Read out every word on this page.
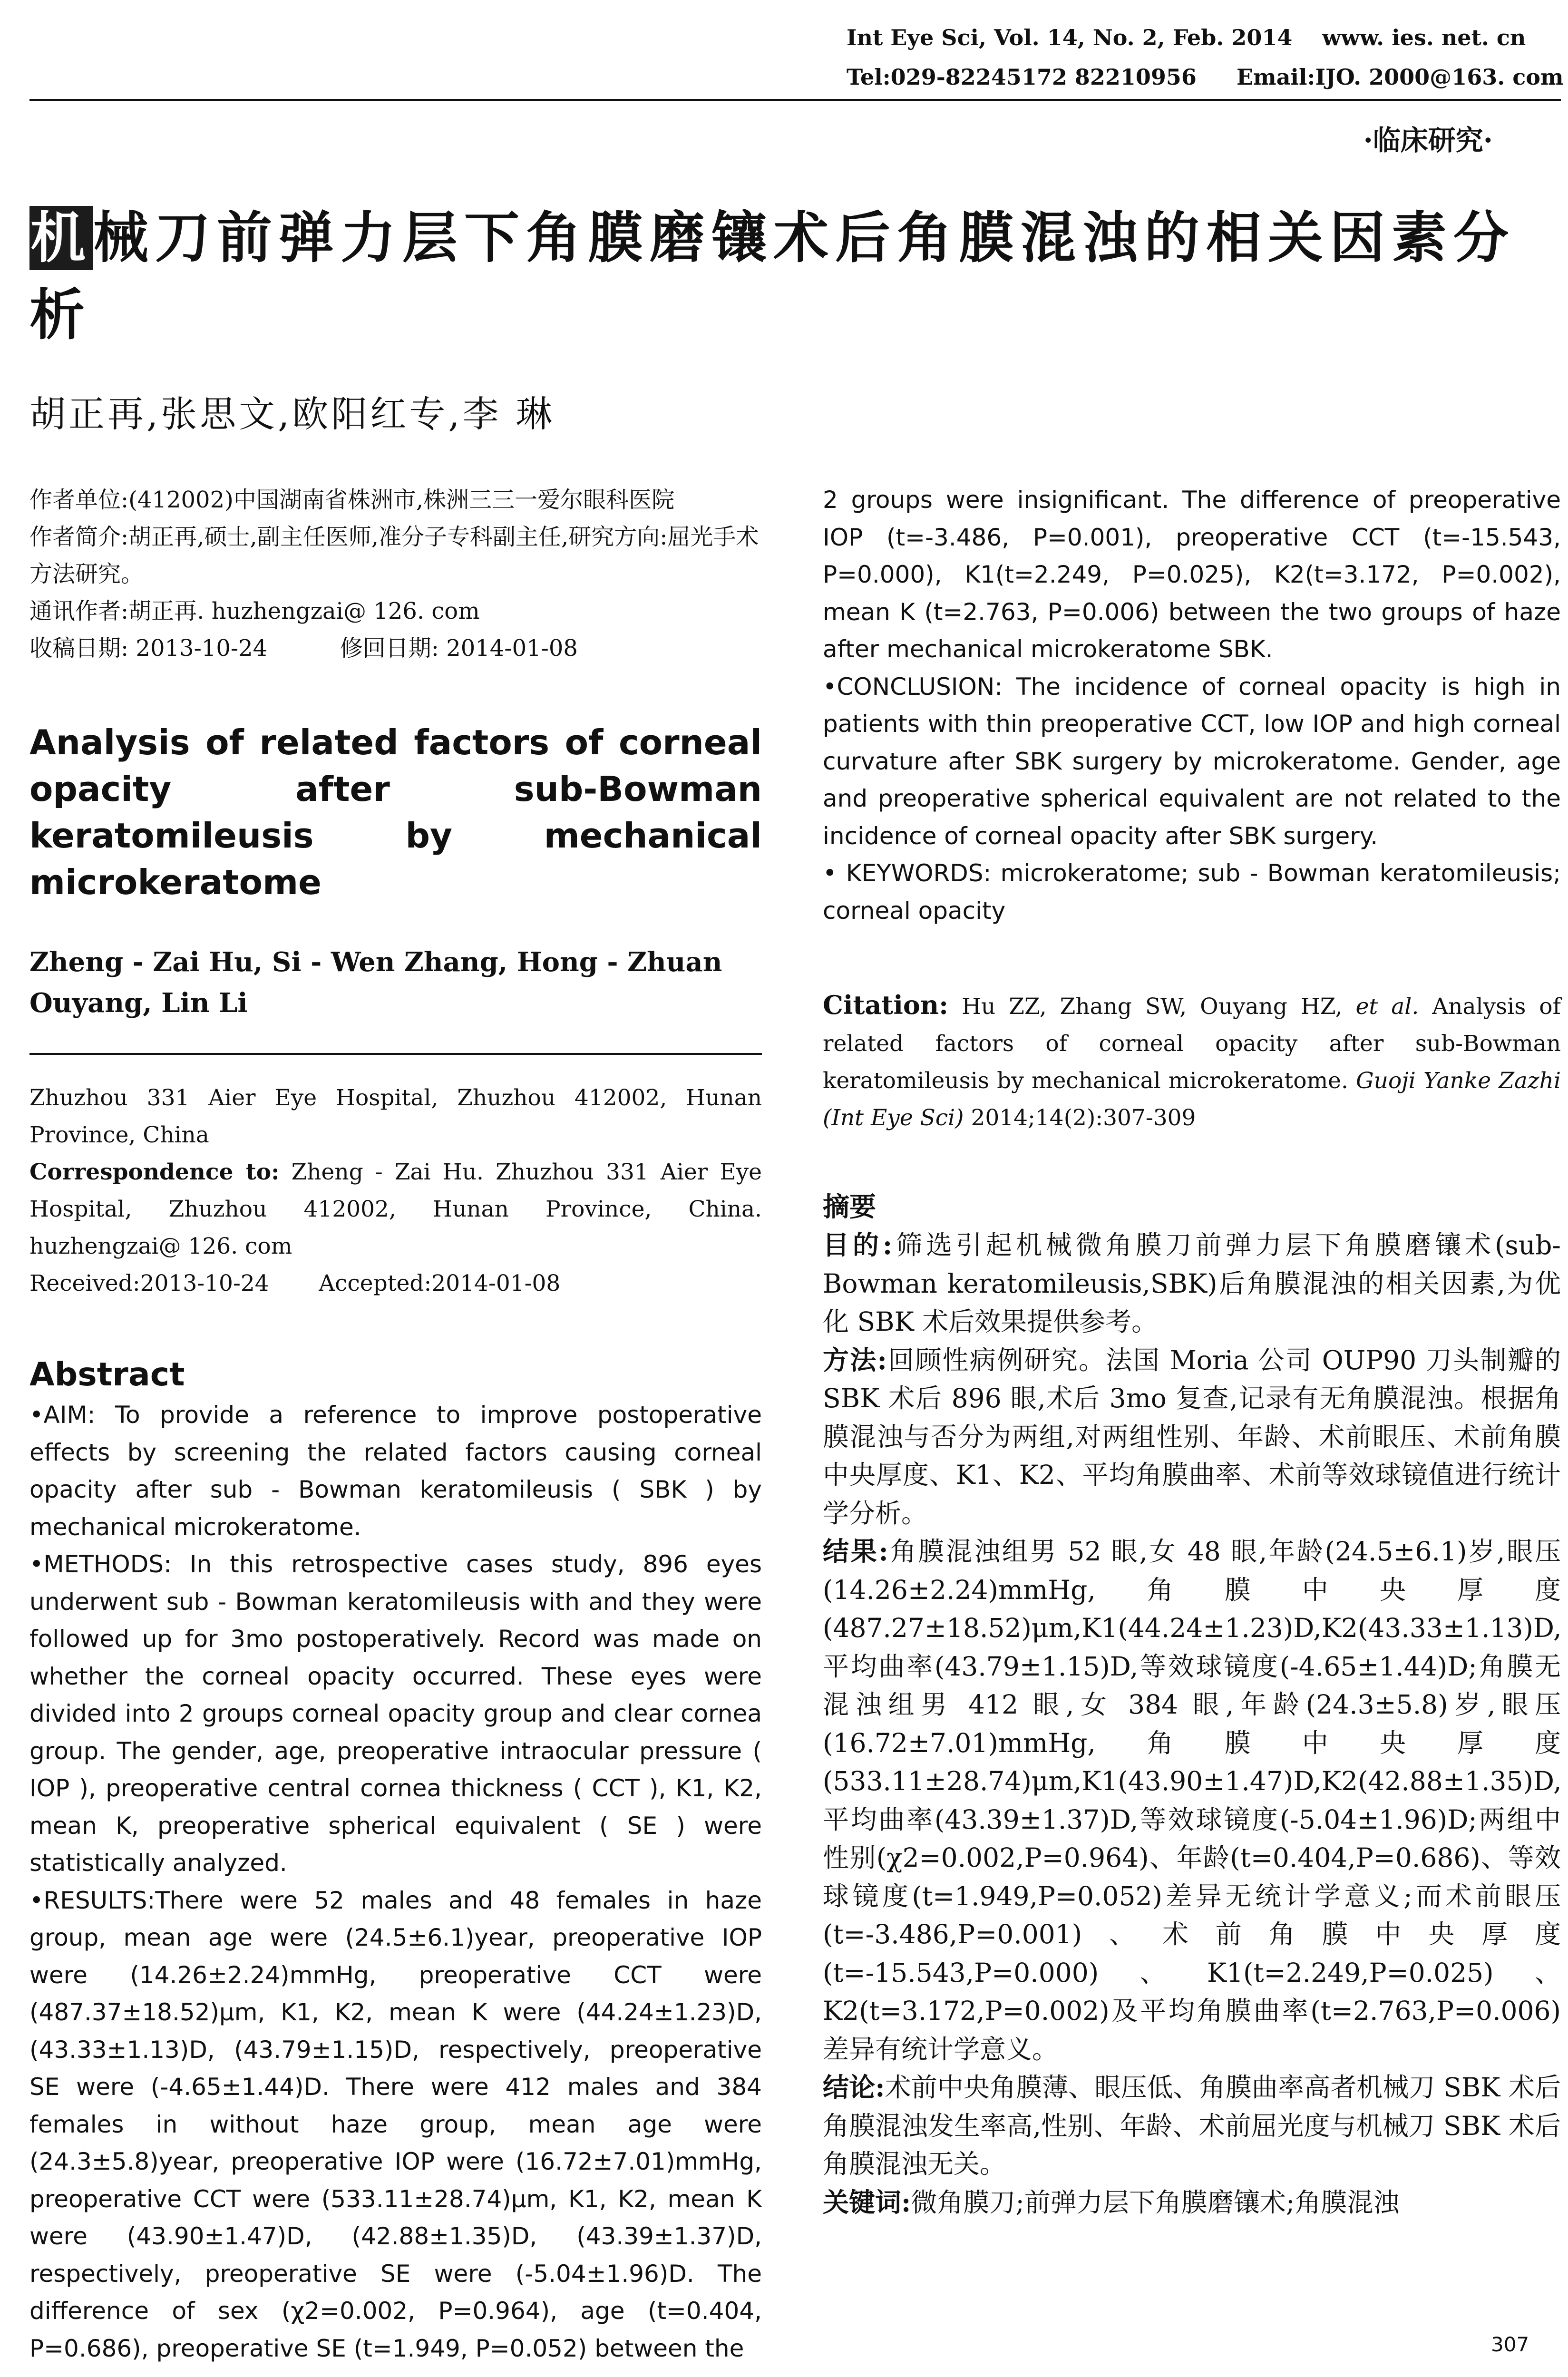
Int Eye Sci, Vol. 14, No. 2, Feb. 2014 www. ies. net. cn
Tel:029-82245172 82210956 Email:IJO. 2000@163. com
·临床研究·
机械刀前弹力层下角膜磨镶术后角膜混浊的相关因素分析
胡正再,张思文,欧阳红专,李 琳

作者单位:(412002)中国湖南省株洲市,株洲三三一爱尔眼科医院

作者简介:胡正再,硕士,副主任医师,准分子专科副主任,研究方向:屈光手术方法研究。

通讯作者:胡正再. huzhengzai@ 126. com

收稿日期: 2013-10-24          修回日期: 2014-01-08

Analysis of related factors of corneal opacity after sub-Bowman keratomileusis by mechanical microkeratome
Zheng - Zai Hu, Si - Wen Zhang, Hong - Zhuan Ouyang, Lin Li

Zhuzhou 331 Aier Eye Hospital, Zhuzhou 412002, Hunan Province, China

Correspondence to: Zheng - Zai Hu. Zhuzhou 331 Aier Eye Hospital, Zhuzhou 412002, Hunan Province, China. huzhengzai@ 126. com

Received:2013-10-24       Accepted:2014-01-08

Abstract

•AIM: To provide a reference to improve postoperative effects by screening the related factors causing corneal opacity after sub - Bowman keratomileusis ( SBK ) by mechanical microkeratome.

•METHODS: In this retrospective cases study, 896 eyes underwent sub - Bowman keratomileusis with and they were followed up for 3mo postoperatively. Record was made on whether the corneal opacity occurred. These eyes were divided into 2 groups corneal opacity group and clear cornea group. The gender, age, preoperative intraocular pressure ( IOP ), preoperative central cornea thickness ( CCT ), K1, K2, mean K, preoperative spherical equivalent ( SE ) were statistically analyzed.

•RESULTS:There were 52 males and 48 females in haze group, mean age were (24.5±6.1)year, preoperative IOP were (14.26±2.24)mmHg, preoperative CCT were (487.37±18.52)μm, K1, K2, mean K were (44.24±1.23)D, (43.33±1.13)D, (43.79±1.15)D, respectively, preoperative SE were (-4.65±1.44)D. There were 412 males and 384 females in without haze group, mean age were (24.3±5.8)year, preoperative IOP were (16.72±7.01)mmHg, preoperative CCT were (533.11±28.74)μm, K1, K2, mean K were (43.90±1.47)D, (42.88±1.35)D, (43.39±1.37)D, respectively, preoperative SE were (-5.04±1.96)D. The difference of sex (χ2=0.002, P=0.964), age (t=0.404, P=0.686), preoperative SE (t=1.949, P=0.052) between the

2 groups were insignificant. The difference of preoperative IOP (t=-3.486, P=0.001), preoperative CCT (t=-15.543, P=0.000), K1(t=2.249, P=0.025), K2(t=3.172, P=0.002), mean K (t=2.763, P=0.006) between the two groups of haze after mechanical microkeratome SBK.

•CONCLUSION: The incidence of corneal opacity is high in patients with thin preoperative CCT, low IOP and high corneal curvature after SBK surgery by microkeratome. Gender, age and preoperative spherical equivalent are not related to the incidence of corneal opacity after SBK surgery.

• KEYWORDS: microkeratome; sub - Bowman keratomileusis; corneal opacity

Citation: Hu ZZ, Zhang SW, Ouyang HZ, et al. Analysis of related factors of corneal opacity after sub-Bowman keratomileusis by mechanical microkeratome. Guoji Yanke Zazhi (Int Eye Sci) 2014;14(2):307-309
摘要

目的:筛选引起机械微角膜刀前弹力层下角膜磨镶术(sub-Bowman keratomileusis,SBK)后角膜混浊的相关因素,为优化 SBK 术后效果提供参考。

方法:回顾性病例研究。法国 Moria 公司 OUP90 刀头制瓣的 SBK 术后 896 眼,术后 3mo 复查,记录有无角膜混浊。根据角膜混浊与否分为两组,对两组性别、年龄、术前眼压、术前角膜中央厚度、K1、K2、平均角膜曲率、术前等效球镜值进行统计学分析。

结果:角膜混浊组男 52 眼,女 48 眼,年龄(24.5±6.1)岁,眼压(14.26±2.24)mmHg,角膜中央厚度(487.27±18.52)μm,K1(44.24±1.23)D,K2(43.33±1.13)D,平均曲率(43.79±1.15)D,等效球镜度(-4.65±1.44)D;角膜无混浊组男 412 眼,女 384 眼,年龄(24.3±5.8)岁,眼压(16.72±7.01)mmHg,角膜中央厚度(533.11±28.74)μm,K1(43.90±1.47)D,K2(42.88±1.35)D,平均曲率(43.39±1.37)D,等效球镜度(-5.04±1.96)D;两组中性别(χ2=0.002,P=0.964)、年龄(t=0.404,P=0.686)、等效球镜度(t=1.949,P=0.052)差异无统计学意义;而术前眼压(t=-3.486,P=0.001)、术前角膜中央厚度(t=-15.543,P=0.000)、K1(t=2.249,P=0.025)、K2(t=3.172,P=0.002)及平均角膜曲率(t=2.763,P=0.006)差异有统计学意义。

结论:术前中央角膜薄、眼压低、角膜曲率高者机械刀 SBK 术后角膜混浊发生率高,性别、年龄、术前屈光度与机械刀 SBK 术后角膜混浊无关。

关键词:微角膜刀;前弹力层下角膜磨镶术;角膜混浊

307
